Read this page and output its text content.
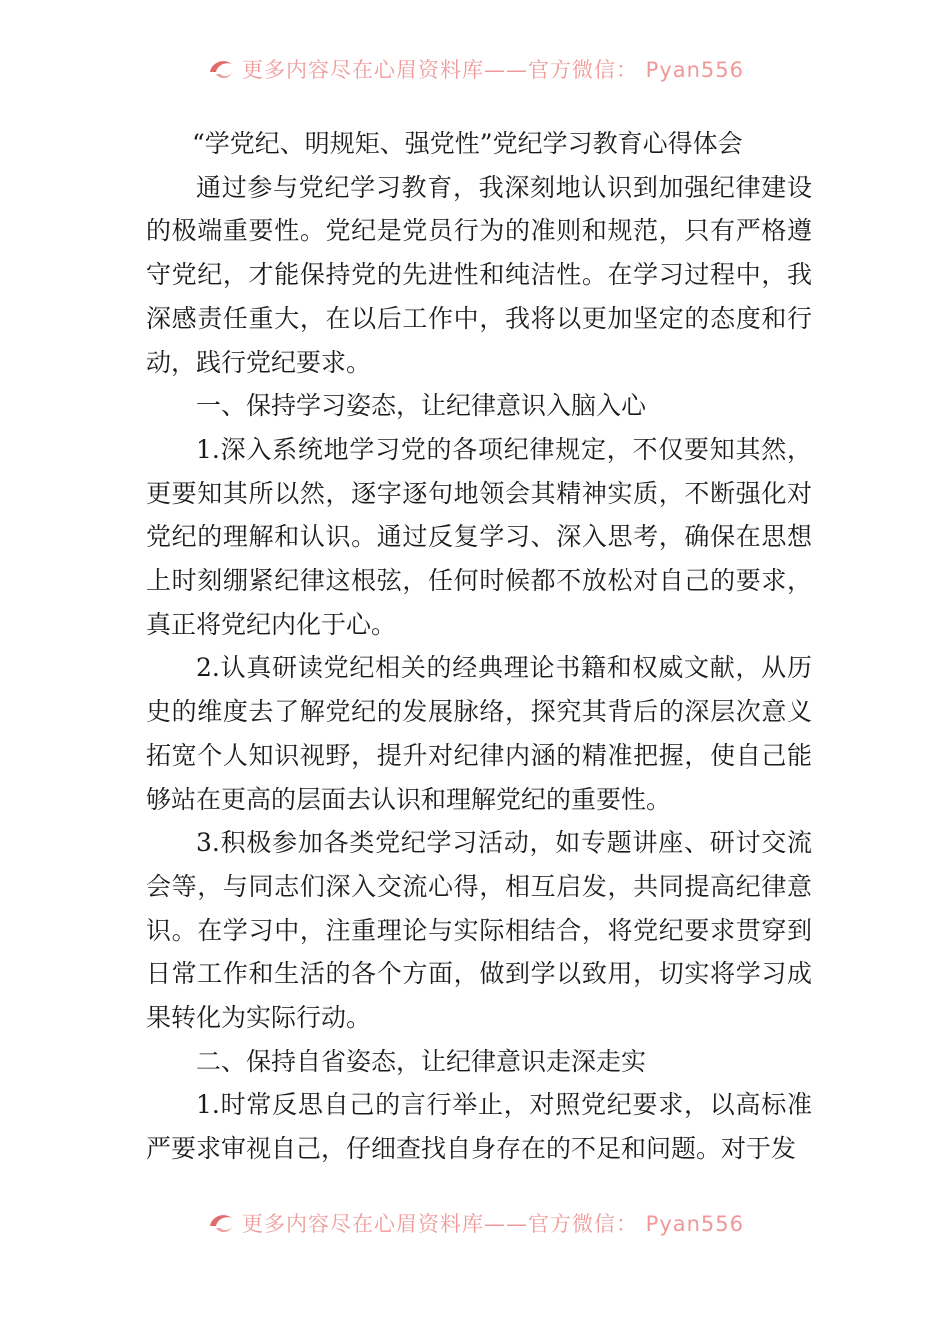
更多内容尽在心眉资料库——官方微信： Pyan556

“学党纪、明规矩、强党性”党纪学习教育心得体会

通过参与党纪学习教育，我深刻地认识到加强纪律建设的极端重要性。党纪是党员行为的准则和规范，只有严格遵守党纪，才能保持党的先进性和纯洁性。在学习过程中，我深感责任重大，在以后工作中，我将以更加坚定的态度和行动，践行党纪要求。

一、保持学习姿态，让纪律意识入脑入心

1.深入系统地学习党的各项纪律规定，不仅要知其然，更要知其所以然，逐字逐句地领会其精神实质，不断强化对党纪的理解和认识。通过反复学习、深入思考，确保在思想上时刻绷紧纪律这根弦，任何时候都不放松对自己的要求，真正将党纪内化于心。

2.认真研读党纪相关的经典理论书籍和权威文献，从历史的维度去了解党纪的发展脉络，探究其背后的深层次意义拓宽个人知识视野，提升对纪律内涵的精准把握，使自己能够站在更高的层面去认识和理解党纪的重要性。

3.积极参加各类党纪学习活动，如专题讲座、研讨交流会等，与同志们深入交流心得，相互启发，共同提高纪律意识。在学习中，注重理论与实际相结合，将党纪要求贯穿到日常工作和生活的各个方面，做到学以致用，切实将学习成果转化为实际行动。

二、保持自省姿态，让纪律意识走深走实

1.时常反思自己的言行举止，对照党纪要求，以高标准严要求审视自己，仔细查找自身存在的不足和问题。对于发

更多内容尽在心眉资料库——官方微信： Pyan556
